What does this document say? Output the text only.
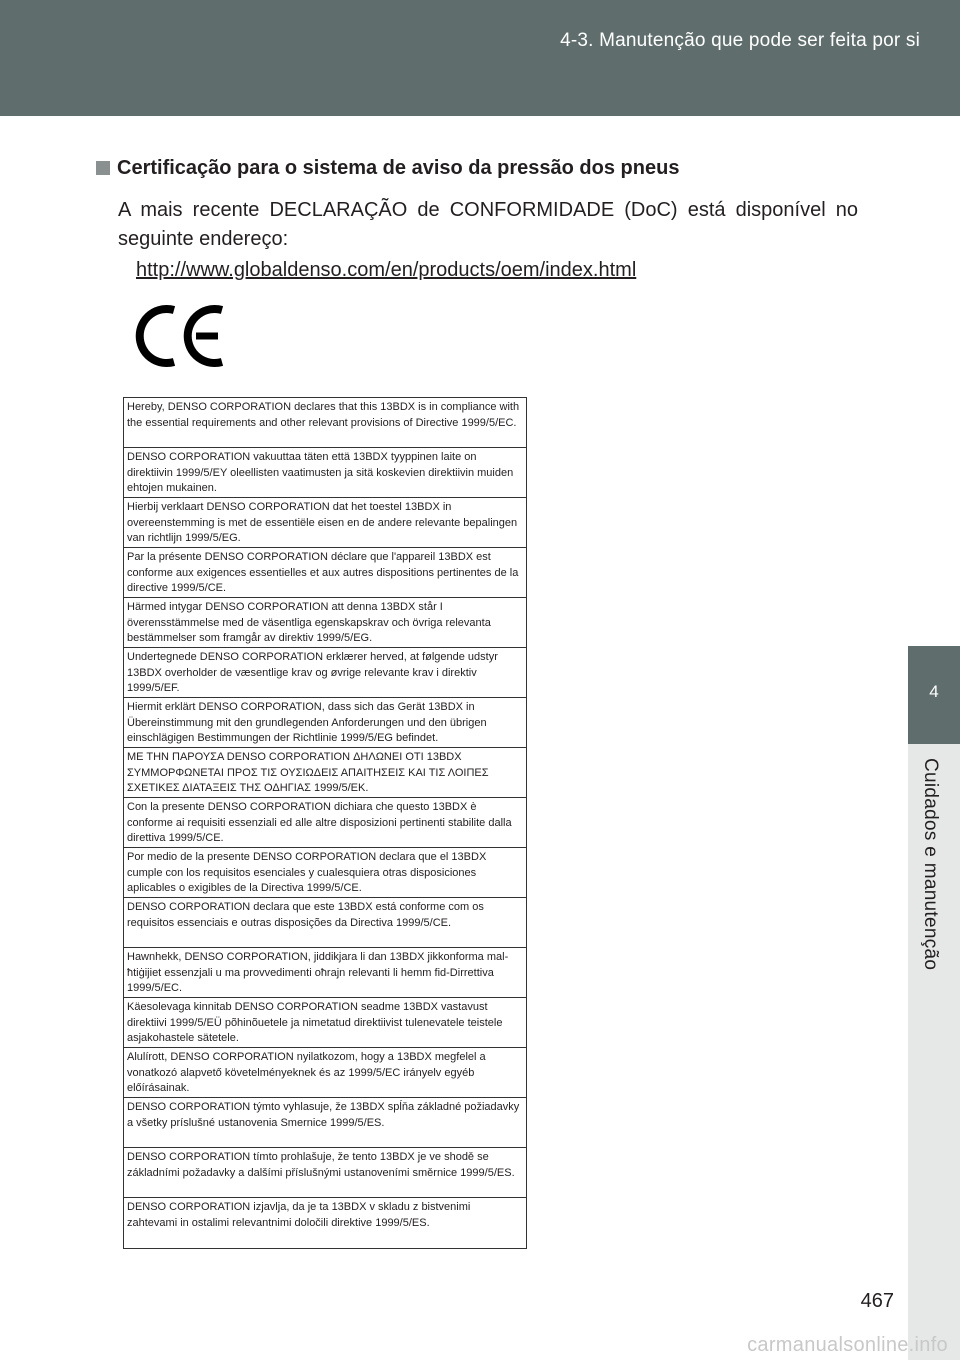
4-3. Manutenção que pode ser feita por si
4
Cuidados e manutenção
Certificação para o sistema de aviso da pressão dos pneus

A mais recente DECLARAÇÃO de CONFORMIDADE (DoC) está disponível no seguinte endereço:

http://www.globaldenso.com/en/products/oem/index.html
Hereby, DENSO CORPORATION declares that this 13BDX is in compliance with the essential requirements and other relevant provisions of Directive 1999/5/EC.
DENSO CORPORATION vakuuttaa täten että 13BDX tyyppinen laite on direktiivin 1999/5/EY oleellisten vaatimusten ja sitä koskevien direktiivin muiden ehtojen mukainen.
Hierbij verklaart DENSO CORPORATION dat het toestel 13BDX in overeenstemming is met de essentiële eisen en de andere relevante bepalingen van richtlijn 1999/5/EG.
Par la présente DENSO CORPORATION déclare que l'appareil 13BDX est conforme aux exigences essentielles et aux autres dispositions pertinentes de la directive 1999/5/CE.
Härmed intygar DENSO CORPORATION att denna 13BDX står I överensstämmelse med de väsentliga egenskapskrav och övriga relevanta bestämmelser som framgår av direktiv 1999/5/EG.
Undertegnede DENSO CORPORATION erklærer herved, at følgende udstyr 13BDX overholder de væsentlige krav og øvrige relevante krav i direktiv 1999/5/EF.
Hiermit erklärt DENSO CORPORATION, dass sich das Gerät 13BDX in Übereinstimmung mit den grundlegenden Anforderungen und den übrigen einschlägigen Bestimmungen der Richtlinie 1999/5/EG befindet.
ΜΕ ΤΗΝ ΠΑΡΟΥΣΑ DENSO CORPORATION ΔΗΛΩΝΕΙ ΟΤΙ 13BDX ΣΥΜΜΟΡΦΩΝΕΤΑΙ ΠΡΟΣ ΤΙΣ ΟΥΣΙΩΔΕΙΣ ΑΠΑΙΤΗΣΕΙΣ ΚΑΙ ΤΙΣ ΛΟΙΠΕΣ ΣΧΕΤΙΚΕΣ ΔΙΑΤΑΞΕΙΣ ΤΗΣ ΟΔΗΓΙΑΣ 1999/5/ΕΚ.
Con la presente DENSO CORPORATION dichiara che questo 13BDX è conforme ai requisiti essenziali ed alle altre disposizioni pertinenti stabilite dalla direttiva 1999/5/CE.
Por medio de la presente DENSO CORPORATION declara que el 13BDX cumple con los requisitos esenciales y cualesquiera otras disposiciones aplicables o exigibles de la Directiva 1999/5/CE.
DENSO CORPORATION declara que este 13BDX está conforme com os requisitos essenciais e outras disposições da Directiva 1999/5/CE.
Hawnhekk, DENSO CORPORATION, jiddikjara li dan 13BDX jikkonforma mal-ħtiġijiet essenzjali u ma provvedimenti oħrajn relevanti li hemm fid-Dirrettiva 1999/5/EC.
Käesolevaga kinnitab DENSO CORPORATION seadme 13BDX vastavust direktiivi 1999/5/EÜ põhinõuetele ja nimetatud direktiivist tulenevatele teistele asjakohastele sätetele.
Alulírott, DENSO CORPORATION nyilatkozom, hogy a 13BDX megfelel a vonatkozó alapvető követelményeknek és az 1999/5/EC irányelv egyéb előírásainak.
DENSO CORPORATION týmto vyhlasuje, že 13BDX spĺňa základné požiadavky a všetky príslušné ustanovenia Smernice 1999/5/ES.
DENSO CORPORATION tímto prohlašuje, že tento 13BDX je ve shodě se základními požadavky a dalšími příslušnými ustanoveními směrnice 1999/5/ES.
DENSO CORPORATION izjavlja, da je ta 13BDX v skladu z bistvenimi zahtevami in ostalimi relevantnimi določili direktive 1999/5/ES.
467
carmanualsonline.info
